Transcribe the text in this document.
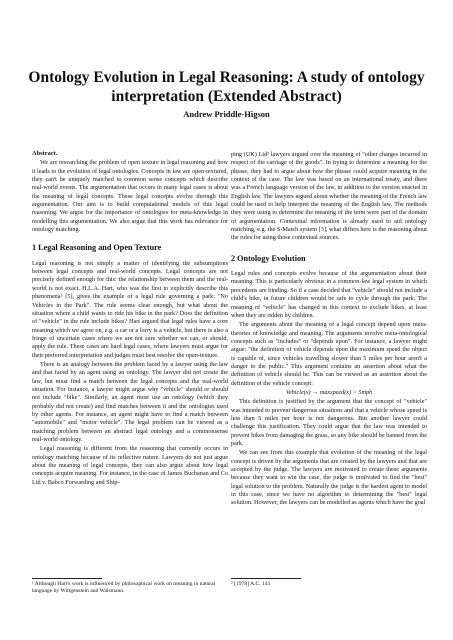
Ontology Evolution in Legal Reasoning: A study of ontology interpretation (Extended Abstract)
Andrew Priddle-Higson

Abstract.

We are researching the problem of open texture in legal reasoning and how it leads to the evolution of legal ontologies. Concepts in law are open-textured, they can't be uniquely matched to common sense concepts which describe real-world events. The argumentation that occurs in many legal cases is about the meaning of legal concepts. These legal concepts evolve through this argumentation. Our aim is to build computational models of this legal reasoning. We argue for the importance of ontologies for meta-knowledge in modelling this argumentation. We also argue that this work has relevance for ontology matching.

1 Legal Reasoning and Open Texture

Legal reasoning is not simply a matter of identifying the subsumptions between legal concepts and real-world concepts. Legal concepts are not precisely defined enough for this: the relationship between them and the real-world is not exact. H.L.A. Hart, who was the first to explicitly describe this phenomena¹ [5], gives the example of a legal rule governing a park: "No Vehicles in the Park". The rule seems clear enough, but what about the situation where a child wants to ride his bike in the park? Does the definition of "vehicle" in the rule include bikes? Hart argued that legal rules have a core meaning which we agree on, e.g. a car or a lorry is a vehicle, but there is also a fringe of uncertain cases where we are not sure whether we can, or should, apply the rule. These cases are hard legal cases, where lawyers must argue for their preferred interpretation and judges must best resolve the open-texture.

There is an analogy between the problem faced by a lawyer using the law and that faced by an agent using an ontology. The lawyer did not create the law, but must find a match between the legal concepts and the real-world situation. For instance, a lawyer might argue why "vehicle" should or should not include "bike". Similarly, an agent must use an ontology (which they probably did not create) and find matches between it and the ontologies used by other agents. For instance, an agent might have to find a match between "automobile" and "motor vehicle". The legal problem can be viewed as a matching problem between an abstract legal ontology and a commonsense real-world ontology.

Legal reasoning is different from the reasoning that currently occurs in ontology matching because of its reflective nature. Lawyers do not just argue about the meaning of legal concepts, they can also argue about how legal concepts acquire meaning. For instance, in the case of James Buchanan and Co Ltd v. Babco Forwarding and Ship-

¹ Although Hart's work is influenced by philosophical work on meaning in natural language by Wittgenstein and Waismann.

ping (UK) Ltd² lawyers argued over the meaning of "other charges incurred in respect of the carriage of the goods". In trying to determine a meaning for the phrase, they had to argue about how the phrase could acquire meaning in the context of the case. The law was based on an international treaty, and there was a French language version of the law, in addition to the version enacted in English law. The lawyers argued about whether the meaning of the French law could be used to help interpret the meaning of the English law. The methods they were using to determine the meaning of the term were part of the domain of argumentation. Contextual information is already used to aid ontology matching, e.g. the S-Match system [3], what differs here is the reasoning about the rules for using those contextual sources.

2 Ontology Evolution

Legal rules and concepts evolve because of the argumentation about their meaning. This is particularly obvious in a common-law legal system in which precedents are binding. So if a case decided that "vehicle" should not include a child's bike, in future children would be safe to cycle through the park. The meaning of "vehicle" has changed in this context to exclude bikes, at least when they are ridden by children.

The arguments about the meaning of a legal concept depend upon meta-theories of knowledge and meaning. The arguments involve meta-ontological concepts such as "includes" or "depends upon". For instance, a lawyer might argue: "the definition of vehicle depends upon the maximum speed the object is capable of, since vehicles travelling slower than 5 miles per hour aren't a danger to the public." This argument contains an assertion about what the definition of vehicle should be. This can be viewed as an assertion about the definition of the vehicle concept:

Vehicle(x) → maxspeed(x) > 5mph

This definition is justified by the argument that the concept of "vehicle" was intended to prevent dangerous situations and that a vehicle whose speed is less than 5 miles per hour is not dangerous. But another lawyer could challenge this justification. They could argue that the law was intended to prevent bikes from damaging the grass, so any bike should be banned from the park.

We can see from this example that evolution of the meaning of the legal concept is driven by the arguments that are created by the lawyers and that are accepted by the judge. The lawyers are motivated to create these arguments because they want to win the case, the judge is motivated to find the "best" legal solution to the problem. Naturally the judge is the hardest agent to model in this case, since we have no algorithm to determining the "best" legal solution. However, the lawyers can be modelled as agents which have the goal

² [1978] A.C. 141
